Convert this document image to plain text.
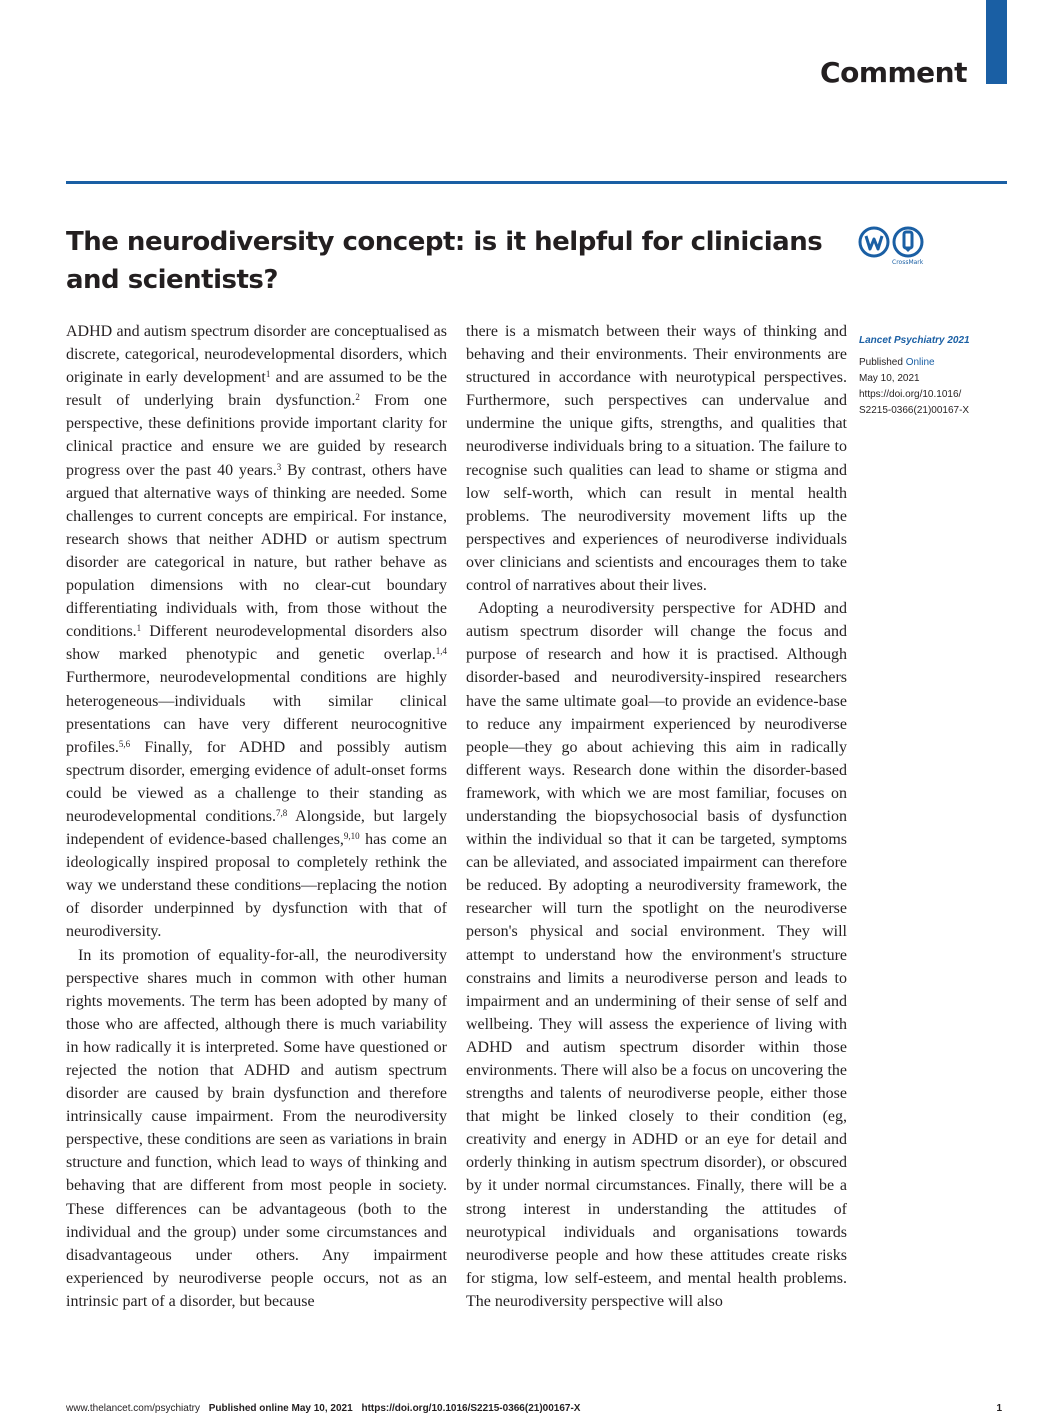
Comment
The neurodiversity concept: is it helpful for clinicians and scientists?
CrossMark

ADHD and autism spectrum disorder are conceptualised as discrete, categorical, neurodevelopmental disorders, which originate in early development$^1$ and are assumed to be the result of underlying brain dysfunction.$^2$ From one perspective, these definitions provide important clarity for clinical practice and ensure we are guided by research progress over the past 40 years.$^3$ By contrast, others have argued that alternative ways of thinking are needed. Some challenges to current concepts are empirical. For instance, research shows that neither ADHD or autism spectrum disorder are categorical in nature, but rather behave as population dimensions with no clear-cut boundary differentiating individuals with, from those without the conditions.$^1$ Different neurodevelopmental disorders also show marked phenotypic and genetic overlap.$^{1,4}$ Furthermore, neurodevelopmental conditions are highly heterogeneous—individuals with similar clinical presentations can have very different neurocognitive profiles.$^{5,6}$ Finally, for ADHD and possibly autism spectrum disorder, emerging evidence of adult-onset forms could be viewed as a challenge to their standing as neurodevelopmental conditions.$^{7,8}$ Alongside, but largely independent of evidence-based challenges,$^{9,10}$ has come an ideologically inspired proposal to completely rethink the way we understand these conditions—replacing the notion of disorder underpinned by dysfunction with that of neurodiversity.

In its promotion of equality-for-all, the neurodiversity perspective shares much in common with other human rights movements. The term has been adopted by many of those who are affected, although there is much variability in how radically it is interpreted. Some have questioned or rejected the notion that ADHD and autism spectrum disorder are caused by brain dysfunction and therefore intrinsically cause impairment. From the neurodiversity perspective, these conditions are seen as variations in brain structure and function, which lead to ways of thinking and behaving that are different from most people in society. These differences can be advantageous (both to the individual and the group) under some circumstances and disadvantageous under others. Any impairment experienced by neurodiverse people occurs, not as an intrinsic part of a disorder, but because

there is a mismatch between their ways of thinking and behaving and their environments. Their environments are structured in accordance with neurotypical perspectives. Furthermore, such perspectives can undervalue and undermine the unique gifts, strengths, and qualities that neurodiverse individuals bring to a situation. The failure to recognise such qualities can lead to shame or stigma and low self-worth, which can result in mental health problems. The neurodiversity movement lifts up the perspectives and experiences of neurodiverse individuals over clinicians and scientists and encourages them to take control of narratives about their lives.

Adopting a neurodiversity perspective for ADHD and autism spectrum disorder will change the focus and purpose of research and how it is practised. Although disorder-based and neurodiversity-inspired researchers have the same ultimate goal—to provide an evidence-base to reduce any impairment experienced by neurodiverse people—they go about achieving this aim in radically different ways. Research done within the disorder-based framework, with which we are most familiar, focuses on understanding the biopsychosocial basis of dysfunction within the individual so that it can be targeted, symptoms can be alleviated, and associated impairment can therefore be reduced. By adopting a neurodiversity framework, the researcher will turn the spotlight on the neurodiverse person's physical and social environment. They will attempt to understand how the environment's structure constrains and limits a neurodiverse person and leads to impairment and an undermining of their sense of self and wellbeing. They will assess the experience of living with ADHD and autism spectrum disorder within those environments. There will also be a focus on uncovering the strengths and talents of neurodiverse people, either those that might be linked closely to their condition (eg, creativity and energy in ADHD or an eye for detail and orderly thinking in autism spectrum disorder), or obscured by it under normal circumstances. Finally, there will be a strong interest in understanding the attitudes of neurotypical individuals and organisations towards neurodiverse people and how these attitudes create risks for stigma, low self-esteem, and mental health problems. The neurodiversity perspective will also

Lancet Psychiatry 2021

Published Online

May 10, 2021

https://doi.org/10.1016/

S2215-0366(21)00167-X

www.thelancet.com/psychiatry Published online May 10, 2021 https://doi.org/10.1016/S2215-0366(21)00167-X	1
